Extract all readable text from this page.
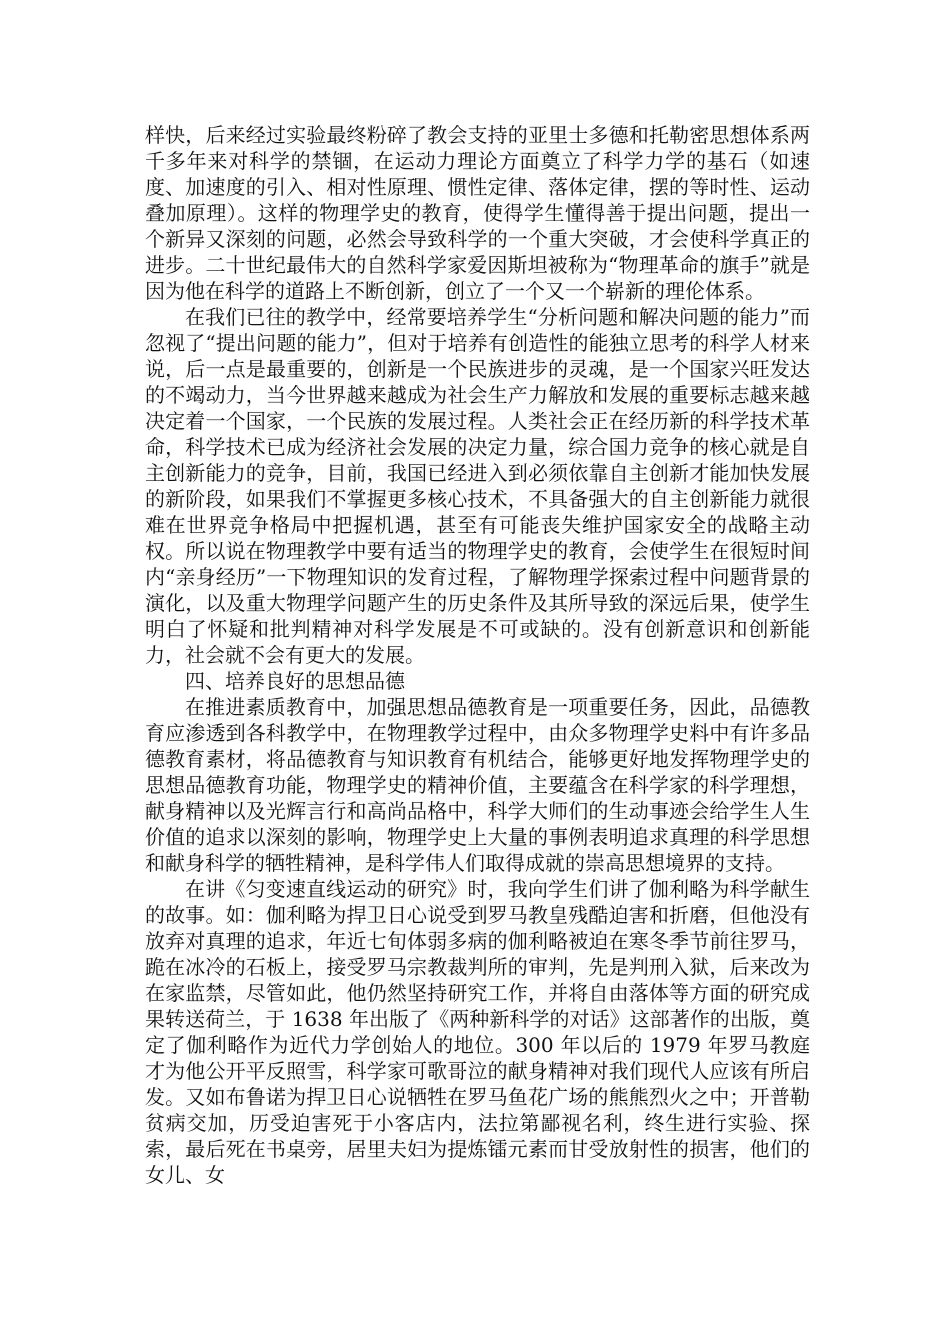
样快，后来经过实验最终粉碎了教会支持的亚里士多德和托勒密思想体系两千多年来对科学的禁锢，在运动力理论方面奠立了科学力学的基石（如速度、加速度的引入、相对性原理、惯性定律、落体定律，摆的等时性、运动叠加原理）。这样的物理学史的教育，使得学生懂得善于提出问题，提出一个新异又深刻的问题，必然会导致科学的一个重大突破，才会使科学真正的进步。二十世纪最伟大的自然科学家爱因斯坦被称为“物理革命的旗手”就是因为他在科学的道路上不断创新，创立了一个又一个崭新的理伦体系。

在我们已往的教学中，经常要培养学生“分析问题和解决问题的能力”而忽视了“提出问题的能力”，但对于培养有创造性的能独立思考的科学人材来说，后一点是最重要的，创新是一个民族进步的灵魂，是一个国家兴旺发达的不竭动力，当今世界越来越成为社会生产力解放和发展的重要标志越来越决定着一个国家，一个民族的发展过程。人类社会正在经历新的科学技术革命，科学技术已成为经济社会发展的决定力量，综合国力竞争的核心就是自主创新能力的竞争，目前，我国已经进入到必须依靠自主创新才能加快发展的新阶段，如果我们不掌握更多核心技术，不具备强大的自主创新能力就很难在世界竞争格局中把握机遇，甚至有可能丧失维护国家安全的战略主动权。所以说在物理教学中要有适当的物理学史的教育，会使学生在很短时间内“亲身经历”一下物理知识的发育过程，了解物理学探索过程中问题背景的演化，以及重大物理学问题产生的历史条件及其所导致的深远后果，使学生明白了怀疑和批判精神对科学发展是不可或缺的。没有创新意识和创新能力，社会就不会有更大的发展。

四、培养良好的思想品德

在推进素质教育中，加强思想品德教育是一项重要任务，因此，品德教育应渗透到各科教学中，在物理教学过程中，由众多物理学史料中有许多品德教育素材，将品德教育与知识教育有机结合，能够更好地发挥物理学史的思想品德教育功能，物理学史的精神价值，主要蕴含在科学家的科学理想，献身精神以及光辉言行和高尚品格中，科学大师们的生动事迹会给学生人生价值的追求以深刻的影响，物理学史上大量的事例表明追求真理的科学思想和献身科学的牺牲精神，是科学伟人们取得成就的崇高思想境界的支持。

在讲《匀变速直线运动的研究》时，我向学生们讲了伽利略为科学献生的故事。如：伽利略为捍卫日心说受到罗马教皇残酷迫害和折磨，但他没有放弃对真理的追求，年近七旬体弱多病的伽利略被迫在寒冬季节前往罗马，跪在冰冷的石板上，接受罗马宗教裁判所的审判，先是判刑入狱，后来改为在家监禁，尽管如此，他仍然坚持研究工作，并将自由落体等方面的研究成果转送荷兰，于 1638 年出版了《两种新科学的对话》这部著作的出版，奠定了伽利略作为近代力学创始人的地位。300 年以后的 1979 年罗马教庭才为他公开平反照雪，科学家可歌哥泣的献身精神对我们现代人应该有所启发。又如布鲁诺为捍卫日心说牺牲在罗马鱼花广场的熊熊烈火之中；开普勒贫病交加，历受迫害死于小客店内，法拉第鄙视名利，终生进行实验、探索，最后死在书桌旁，居里夫妇为提炼镭元素而甘受放射性的损害，他们的女儿、女
